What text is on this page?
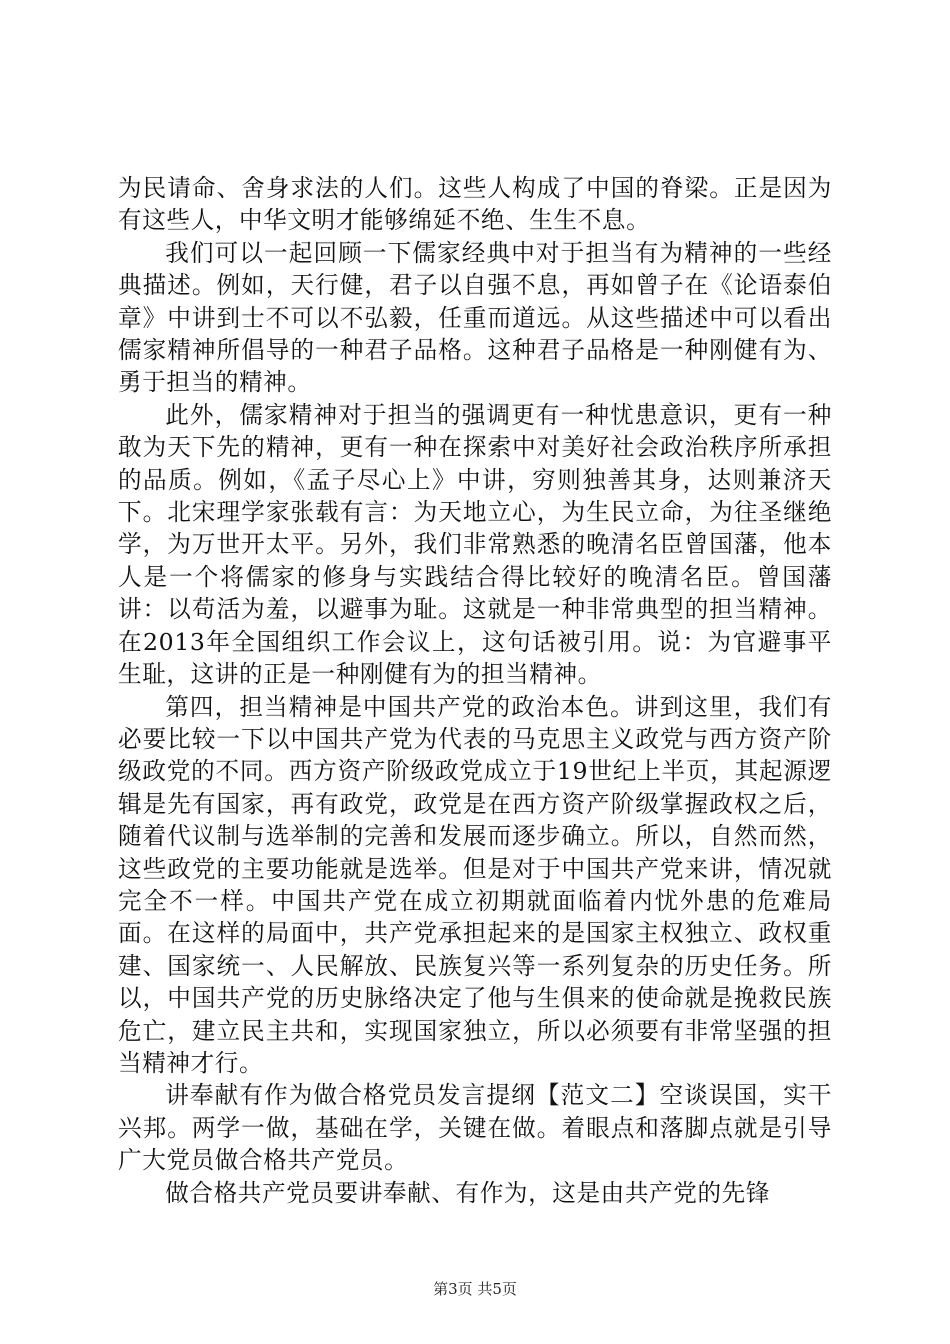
为民请命、舍身求法的人们。这些人构成了中国的脊梁。正是因为有这些人，中华文明才能够绵延不绝、生生不息。

我们可以一起回顾一下儒家经典中对于担当有为精神的一些经典描述。例如，天行健，君子以自强不息，再如曾子在《论语泰伯章》中讲到士不可以不弘毅，任重而道远。从这些描述中可以看出儒家精神所倡导的一种君子品格。这种君子品格是一种刚健有为、勇于担当的精神。

此外，儒家精神对于担当的强调更有一种忧患意识，更有一种敢为天下先的精神，更有一种在探索中对美好社会政治秩序所承担的品质。例如，《孟子尽心上》中讲，穷则独善其身，达则兼济天下。北宋理学家张载有言：为天地立心，为生民立命，为往圣继绝学，为万世开太平。另外，我们非常熟悉的晚清名臣曾国藩，他本人是一个将儒家的修身与实践结合得比较好的晚清名臣。曾国藩讲：以苟活为羞，以避事为耻。这就是一种非常典型的担当精神。在2013年全国组织工作会议上，这句话被引用。说：为官避事平生耻，这讲的正是一种刚健有为的担当精神。

第四，担当精神是中国共产党的政治本色。讲到这里，我们有必要比较一下以中国共产党为代表的马克思主义政党与西方资产阶级政党的不同。西方资产阶级政党成立于19世纪上半页，其起源逻辑是先有国家，再有政党，政党是在西方资产阶级掌握政权之后，随着代议制与选举制的完善和发展而逐步确立。所以，自然而然，这些政党的主要功能就是选举。但是对于中国共产党来讲，情况就完全不一样。中国共产党在成立初期就面临着内忧外患的危难局面。在这样的局面中，共产党承担起来的是国家主权独立、政权重建、国家统一、人民解放、民族复兴等一系列复杂的历史任务。所以，中国共产党的历史脉络决定了他与生俱来的使命就是挽救民族危亡，建立民主共和，实现国家独立，所以必须要有非常坚强的担当精神才行。

讲奉献有作为做合格党员发言提纲【范文二】空谈误国，实干兴邦。两学一做，基础在学，关键在做。着眼点和落脚点就是引导广大党员做合格共产党员。

做合格共产党员要讲奉献、有作为，这是由共产党的先锋

第3页 共5页
